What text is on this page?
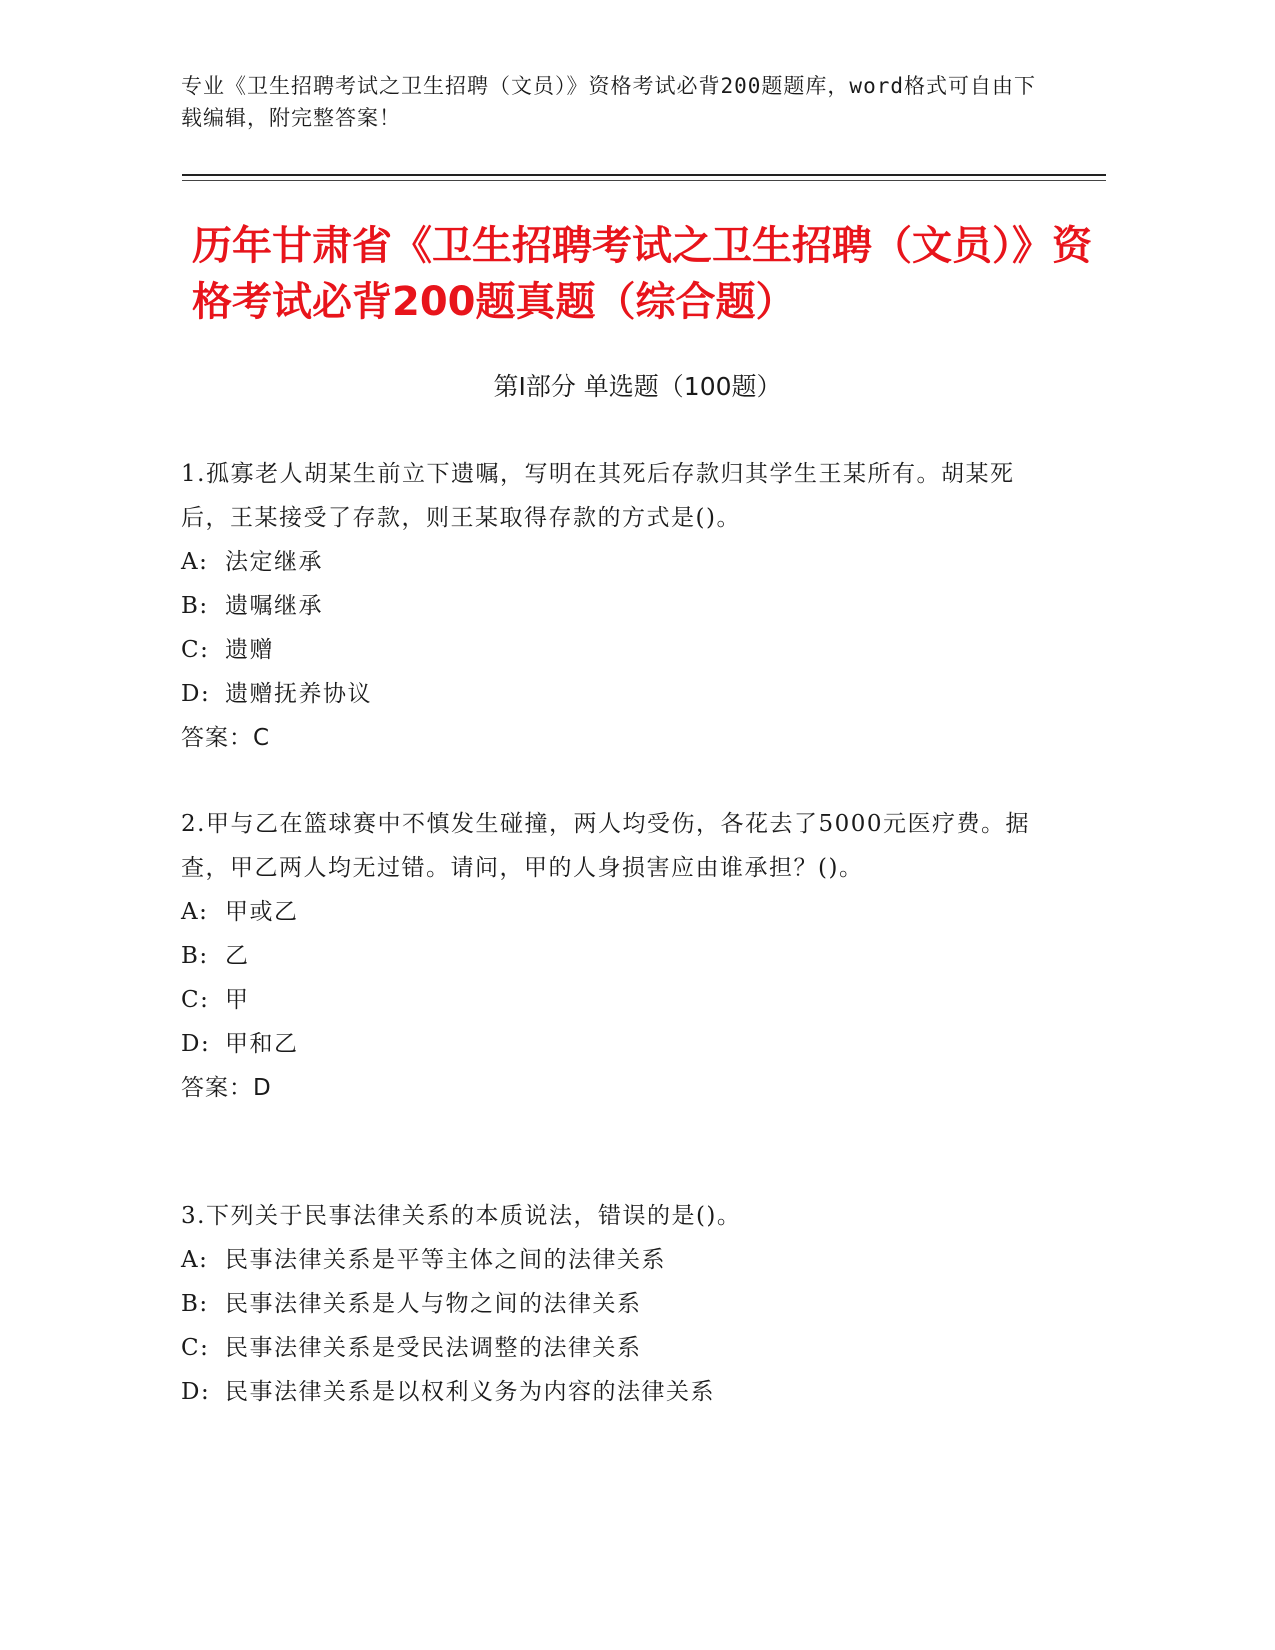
专业《卫生招聘考试之卫生招聘（文员）》资格考试必背200题题库，word格式可自由下载编辑，附完整答案！
历年甘肃省《卫生招聘考试之卫生招聘（文员）》资格考试必背200题真题（综合题）
第I部分 单选题（100题）
1.孤寡老人胡某生前立下遗嘱，写明在其死后存款归其学生王某所有。胡某死后，王某接受了存款，则王某取得存款的方式是()。
A: 法定继承
B: 遗嘱继承
C: 遗赠
D: 遗赠抚养协议
答案：C
2.甲与乙在篮球赛中不慎发生碰撞，两人均受伤，各花去了5000元医疗费。据查，甲乙两人均无过错。请问，甲的人身损害应由谁承担？()。
A: 甲或乙
B: 乙
C: 甲
D: 甲和乙
答案：D
3.下列关于民事法律关系的本质说法，错误的是()。
A: 民事法律关系是平等主体之间的法律关系
B: 民事法律关系是人与物之间的法律关系
C: 民事法律关系是受民法调整的法律关系
D: 民事法律关系是以权利义务为内容的法律关系
